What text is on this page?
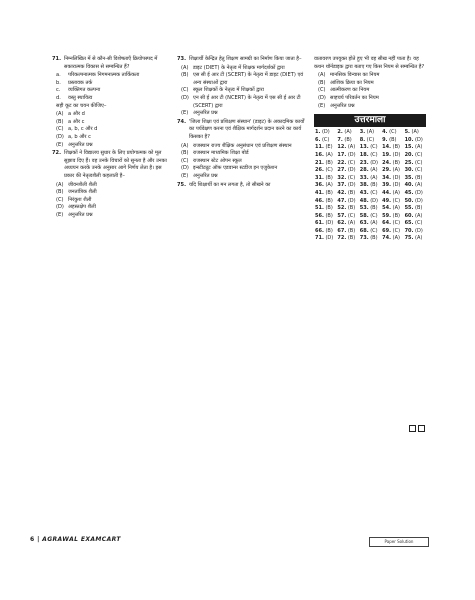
71. निम्नलिखित में से कौन-सी विशेषताएँ क्रियोपस्पद में सकारात्मक विकास से सम्बन्धित हैं?
a.	परिकल्पनात्मक निगमनात्मक तार्किकता
b.	प्रस्तावक तर्क
c.	व्यक्तिगत कल्पना
d.	वस्तु स्थायित्व
सही कूट का चयन कीजिए–
(A) a और d
(B) a और c
(C) a, b, c और d
(D) a, b और c
(E) अनुत्तरित प्रश्न
72. शिक्षकों ने विद्यालय सुधार के लिए प्रयोगात्मक को मूल सुझाव दिए हैं। वह उनके विचारों को सुनता है और उनका अध्ययन करके उनके अनुसार आगे निर्णय लेता है। इस प्रकार की नेतृत्वशैली कहलाती है–
(A) जीवनशैली शैली
(B) जनतांत्रिक शैली
(C) निरंकुश शैली
(D) अहस्तक्षेप शैली
(E) अनुत्तरित प्रश्न
73. शिक्षार्थी केन्द्रित हेतु शिक्षण सामग्री का निर्माण किया जाता है–
(A) डाइट (DIET) के नेतृत्व में शिक्षक मार्गदर्शकों द्वारा
(B) एस सी ई आर टी (SCERT) के नेतृत्व में डाइट (DIET) एवं अन्य संस्थाओं द्वारा
(C) स्कूल शिक्षकों के नेतृत्व में शिक्षकों द्वारा
(D) एन सी ई आर टी (NCERT) के नेतृत्व में एस सी ई आर टी (SCERT) द्वारा
(E) अनुत्तरित प्रश्न
74. 'जिला शिक्षा एवं प्रशिक्षण संस्थान' (डाइट) के अकादमिक कार्यों का पर्यवेक्षण करना एवं शैक्षिक मार्गदर्शन प्रदान करने का कार्य किसका है?
(A) राजस्थान राज्य शैक्षिक अनुसंधान एवं प्रशिक्षण संस्थान
(B) राजस्थान माध्यमिक शिक्षा बोर्ड
(C) राजस्थान स्टेट ओपन स्कूल
(D) इन्स्टीट्यूट ऑफ एडवान्स स्टडीज इन एजुकेशन
(E) अनुत्तरित प्रश्न
75. यदि शिक्षार्थी का मन लगता है, तो सीखने का
वातावरण उपयुक्त होते हुए भी वह सीख नहीं पाता है। यह कथन थॉर्नडाइक द्वारा बताए गए किस नियम से सम्बन्धित है?
(A) मानसिक विन्यास का नियम
(B) आंशिक क्रिया का नियम
(C) आत्मीकरण का नियम
(D) साहचर्य परिवर्तन का नियम
(E) अनुत्तरित प्रश्न
उत्तरमाला
1. (D)	2. (A)	3. (A)	4. (C)	5. (A)
6. (C)	7. (B)	8. (C)	9. (B)	10. (D)
11. (E)	12. (A)	13. (C)	14. (B)	15. (A)
16. (A)	17. (D)	18. (C)	19. (D)	20. (C)
21. (B)	22. (C)	23. (D)	24. (B)	25. (C)
26. (C)	27. (D)	28. (A)	29. (A)	30. (C)
31. (B)	32. (C)	33. (A)	34. (D)	35. (B)
36. (A)	37. (D)	38. (B)	39. (D)	40. (A)
41. (B)	42. (B)	43. (C)	44. (A)	45. (D)
46. (B)	47. (D)	48. (D)	49. (C)	50. (D)
51. (B)	52. (B)	53. (B)	54. (A)	55. (B)
56. (B)	57. (C)	58. (C)	59. (B)	60. (A)
61. (D)	62. (A)	63. (A)	64. (C)	65. (C)
66. (B)	67. (B)	68. (C)	69. (C)	70. (D)
71. (D)	72. (B)	73. (B)	74. (A)	75. (A)
6 | AGRAWAL EXAMCART	Paper Solution
